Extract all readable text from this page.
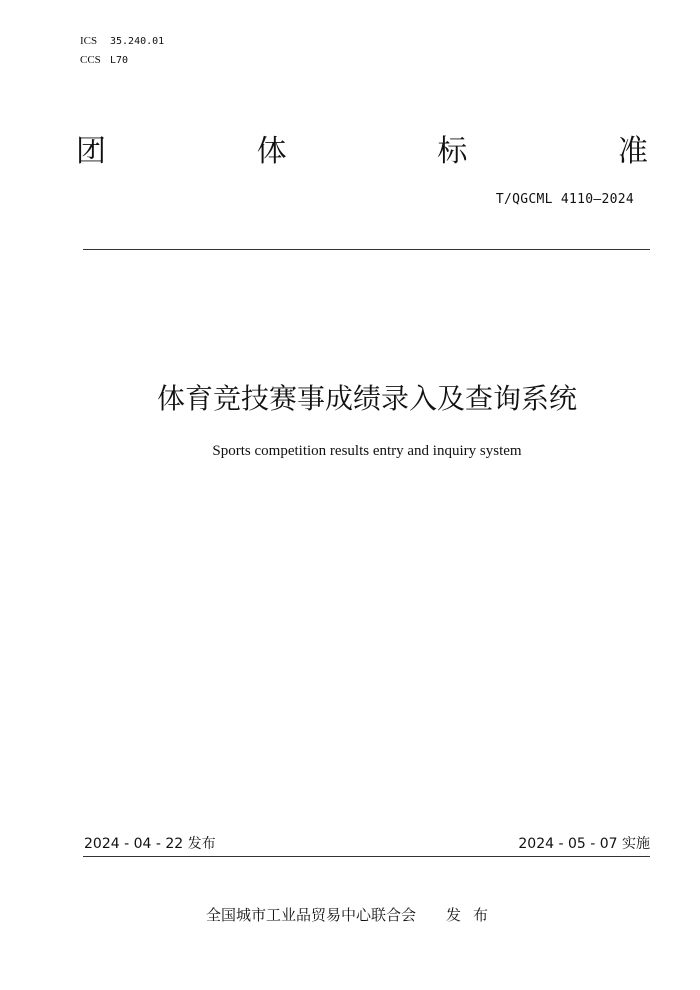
ICS 35.240.01
CCS L70
团	体	标	准
T/QGCML 4110—2024
体育竞技赛事成绩录入及查询系统
Sports competition results entry and inquiry system
2024 - 04 - 22 发布	2024 - 05 - 07 实施
全国城市工业品贸易中心联合会 发布
